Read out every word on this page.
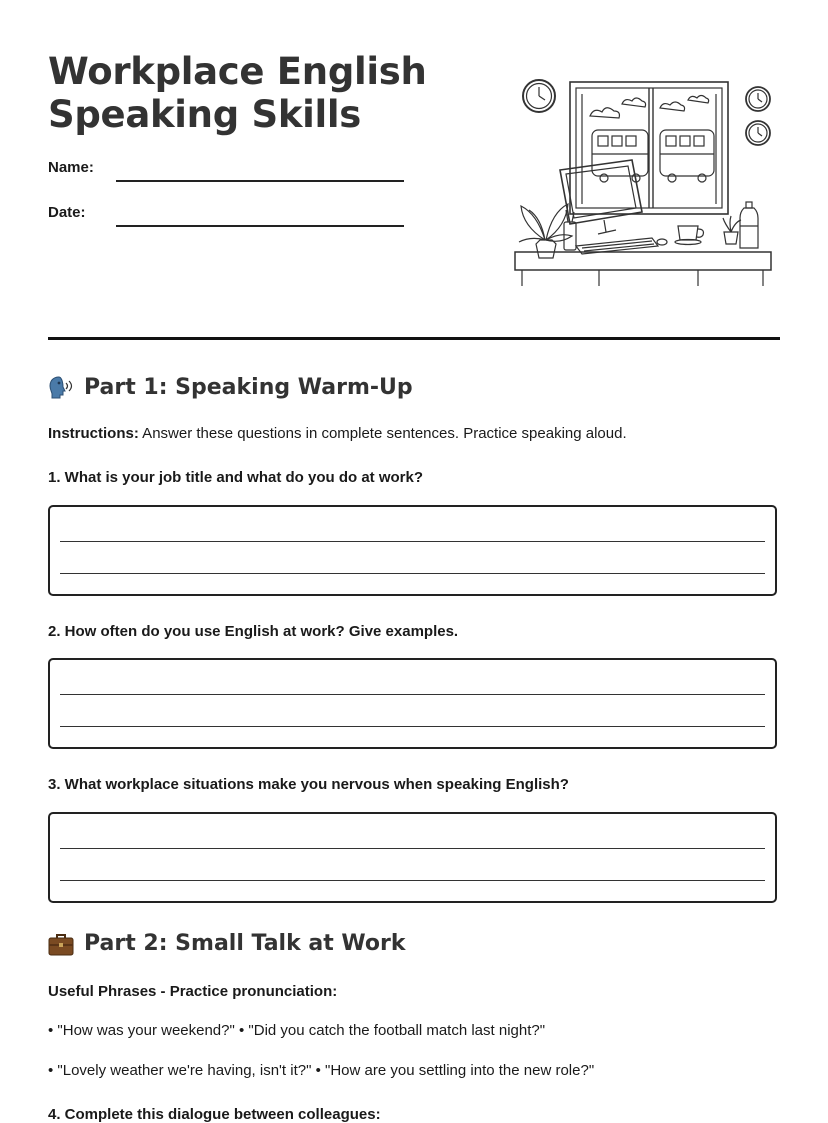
Workplace English
Speaking Skills
Name:
Date:
Part 1: Speaking Warm-Up
Instructions: Answer these questions in complete sentences. Practice speaking aloud.
1. What is your job title and what do you do at work?
2. How often do you use English at work? Give examples.
3. What workplace situations make you nervous when speaking English?
Part 2: Small Talk at Work
Useful Phrases - Practice pronunciation:
• "How was your weekend?" • "Did you catch the football match last night?"
• "Lovely weather we're having, isn't it?" • "How are you settling into the new role?"
4. Complete this dialogue between colleagues:
